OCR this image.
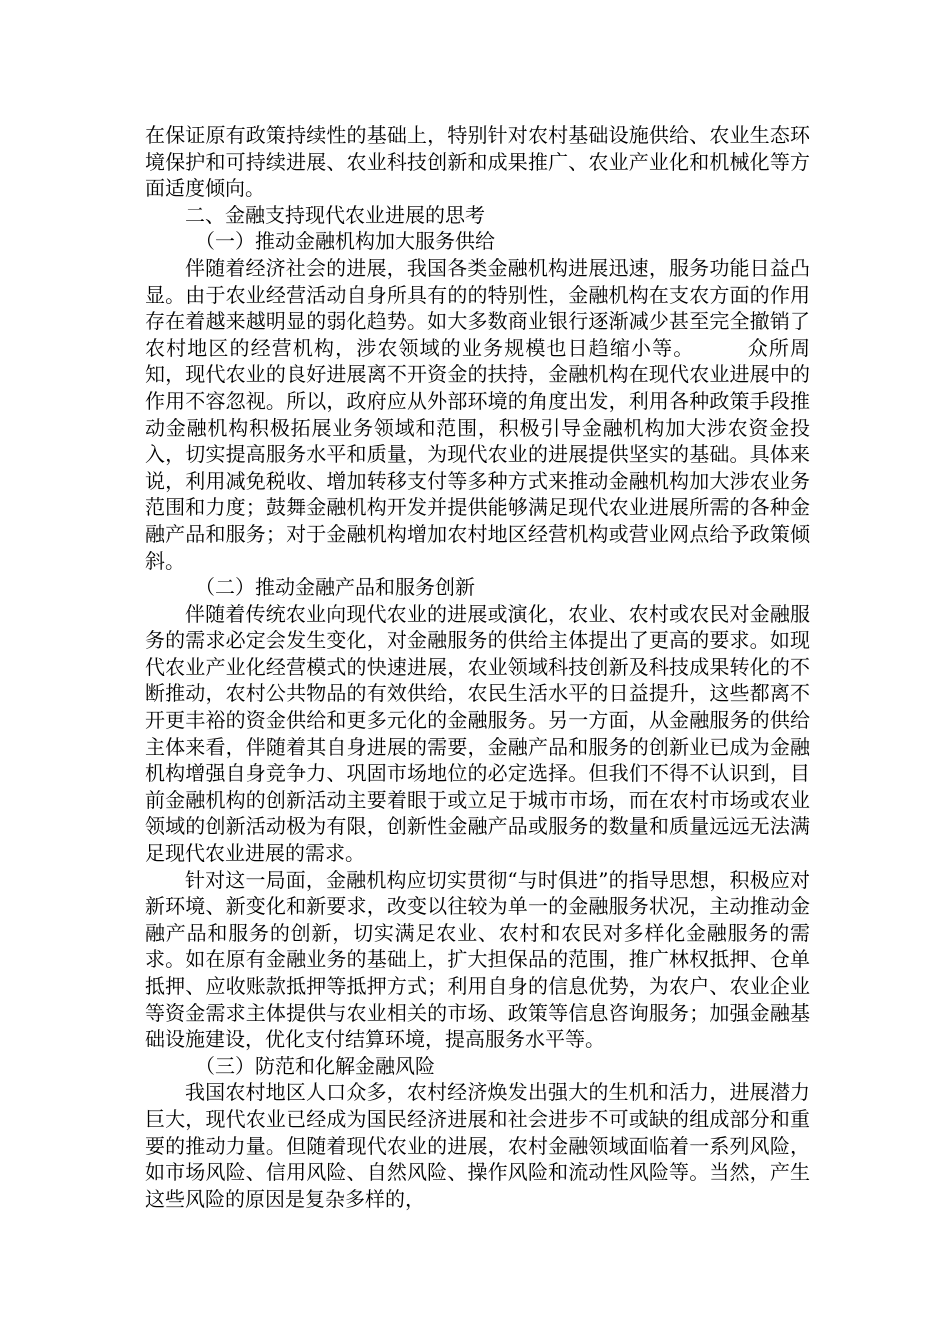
在保证原有政策持续性的基础上，特别针对农村基础设施供给、农业生态环境保护和可持续进展、农业科技创新和成果推广、农业产业化和机械化等方面适度倾向。

二、金融支持现代农业进展的思考

（一）推动金融机构加大服务供给

伴随着经济社会的进展，我国各类金融机构进展迅速，服务功能日益凸显。由于农业经营活动自身所具有的的特别性，金融机构在支农方面的作用存在着越来越明显的弱化趋势。如大多数商业银行逐渐减少甚至完全撤销了农村地区的经营机构，涉农领域的业务规模也日趋缩小等。　　　众所周知，现代农业的良好进展离不开资金的扶持，金融机构在现代农业进展中的作用不容忽视。所以，政府应从外部环境的角度出发，利用各种政策手段推动金融机构积极拓展业务领域和范围，积极引导金融机构加大涉农资金投入，切实提高服务水平和质量，为现代农业的进展提供坚实的基础。具体来说，利用减免税收、增加转移支付等多种方式来推动金融机构加大涉农业务范围和力度；鼓舞金融机构开发并提供能够满足现代农业进展所需的各种金融产品和服务；对于金融机构增加农村地区经营机构或营业网点给予政策倾斜。

（二）推动金融产品和服务创新

伴随着传统农业向现代农业的进展或演化，农业、农村或农民对金融服务的需求必定会发生变化，对金融服务的供给主体提出了更高的要求。如现代农业产业化经营模式的快速进展，农业领域科技创新及科技成果转化的不断推动，农村公共物品的有效供给，农民生活水平的日益提升，这些都离不开更丰裕的资金供给和更多元化的金融服务。另一方面，从金融服务的供给主体来看，伴随着其自身进展的需要，金融产品和服务的创新业已成为金融机构增强自身竞争力、巩固市场地位的必定选择。但我们不得不认识到，目前金融机构的创新活动主要着眼于或立足于城市市场，而在农村市场或农业领域的创新活动极为有限，创新性金融产品或服务的数量和质量远远无法满足现代农业进展的需求。

针对这一局面，金融机构应切实贯彻“与时俱进”的指导思想，积极应对新环境、新变化和新要求，改变以往较为单一的金融服务状况，主动推动金融产品和服务的创新，切实满足农业、农村和农民对多样化金融服务的需求。如在原有金融业务的基础上，扩大担保品的范围，推广林权抵押、仓单抵押、应收账款抵押等抵押方式；利用自身的信息优势，为农户、农业企业等资金需求主体提供与农业相关的市场、政策等信息咨询服务；加强金融基础设施建设，优化支付结算环境，提高服务水平等。

（三）防范和化解金融风险

我国农村地区人口众多，农村经济焕发出强大的生机和活力，进展潜力巨大，现代农业已经成为国民经济进展和社会进步不可或缺的组成部分和重要的推动力量。但随着现代农业的进展，农村金融领域面临着一系列风险，如市场风险、信用风险、自然风险、操作风险和流动性风险等。当然，产生这些风险的原因是复杂多样的，
